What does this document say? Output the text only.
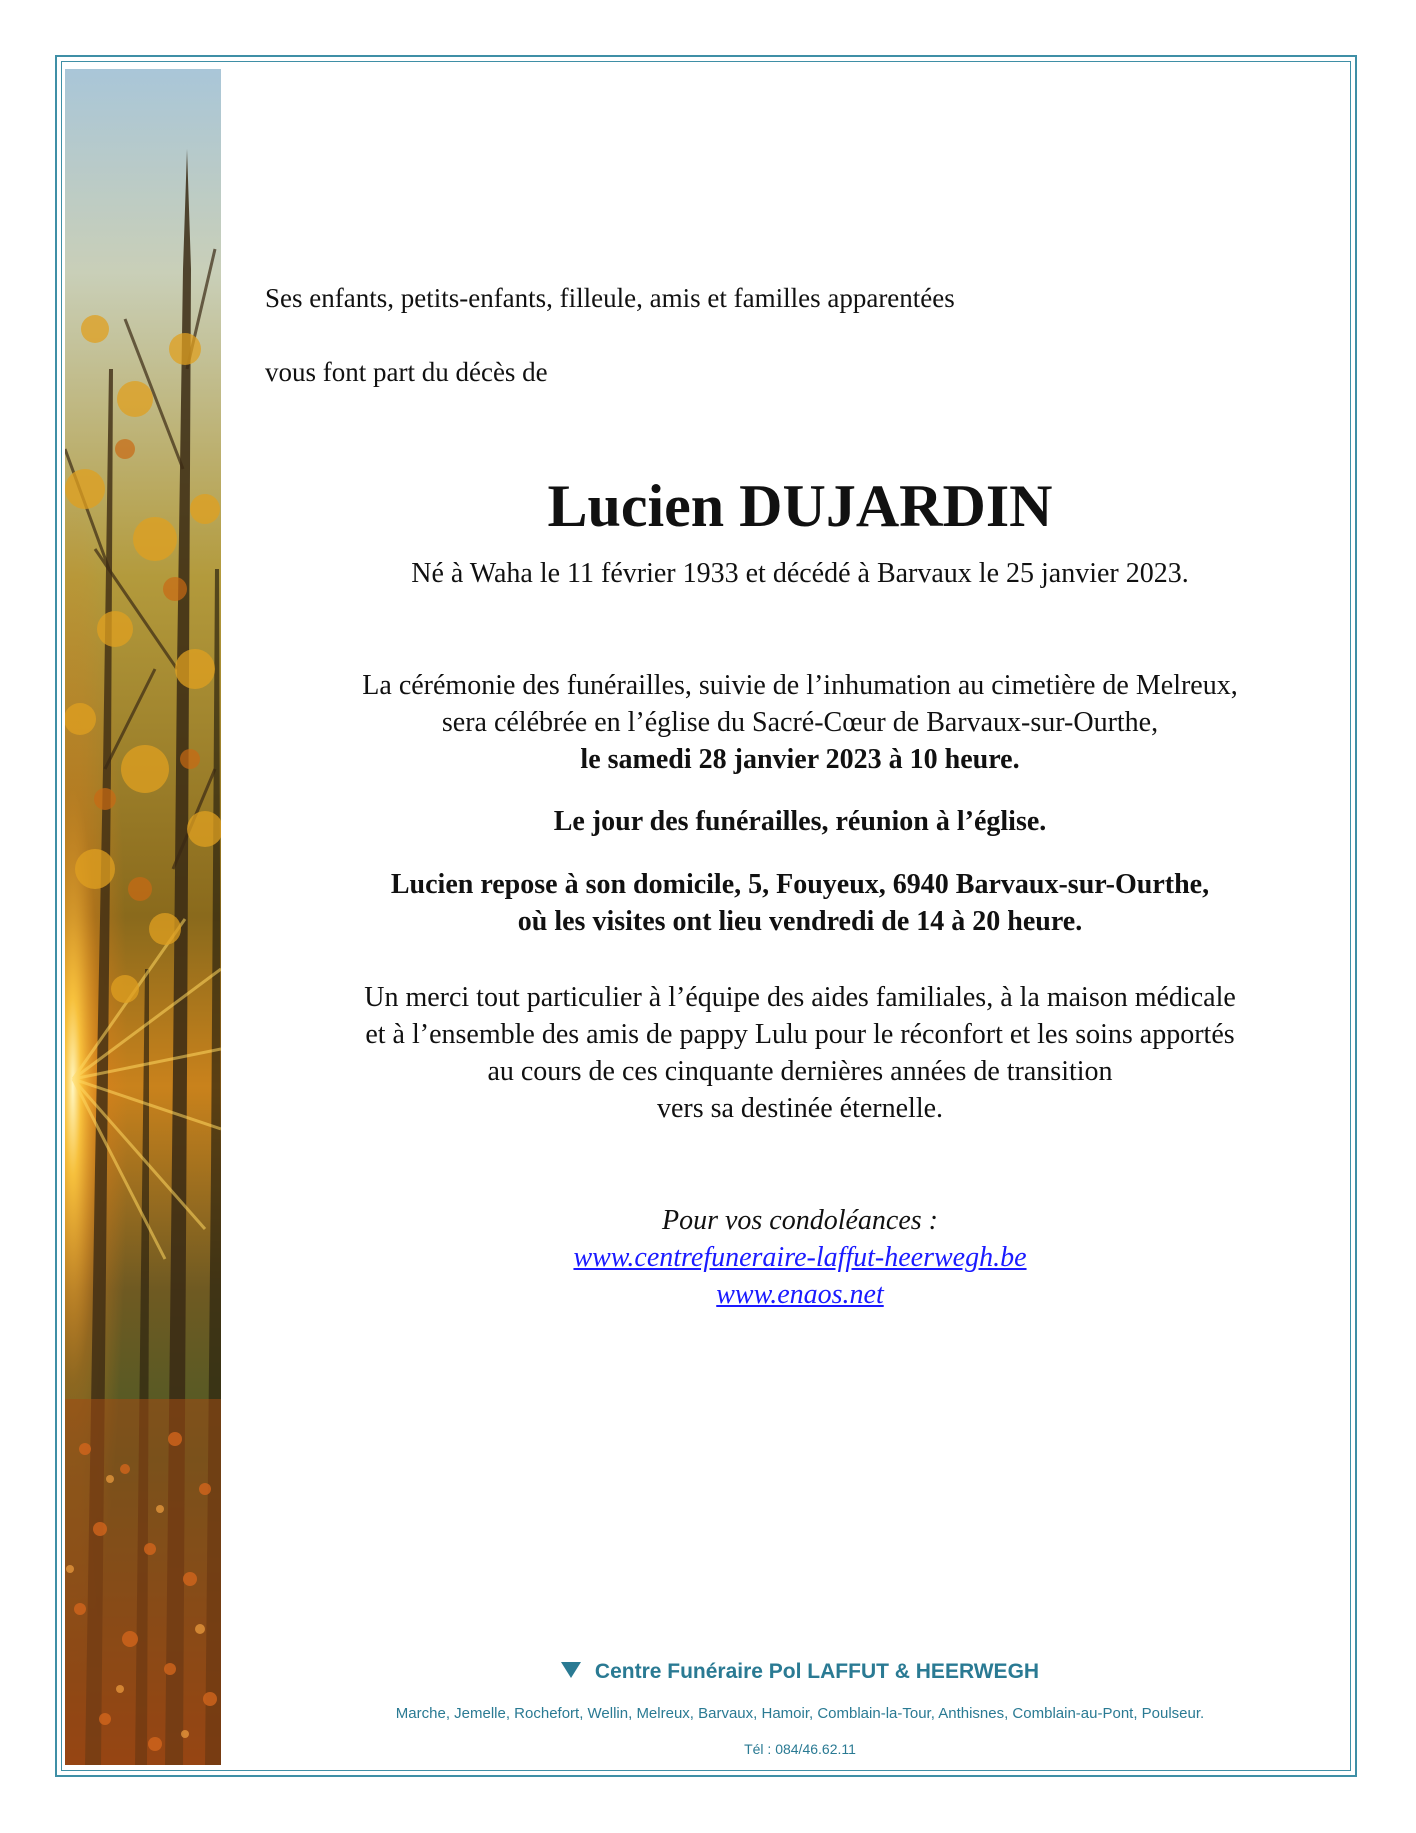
Ses enfants, petits-enfants, filleule, amis et familles apparentées
vous font part du décès de
Lucien DUJARDIN
Né à Waha le 11 février 1933 et décédé à Barvaux le 25 janvier 2023.
La cérémonie des funérailles, suivie de l’inhumation au cimetière de Melreux,
sera célébrée en l’église du Sacré-Cœur de Barvaux-sur-Ourthe,
le samedi 28 janvier 2023 à 10 heure.
Le jour des funérailles, réunion à l’église.
Lucien repose à son domicile, 5, Fouyeux, 6940 Barvaux-sur-Ourthe,
où les visites ont lieu vendredi de 14 à 20 heure.
Un merci tout particulier à l’équipe des aides familiales, à la maison médicale
et à l’ensemble des amis de pappy Lulu pour le réconfort et les soins apportés
au cours de ces cinquante dernières années de transition
vers sa destinée éternelle.
Pour vos condoléances :
www.centrefuneraire-laffut-heerwegh.be
www.enaos.net
Centre Funéraire Pol LAFFUT & HEERWEGH
Marche, Jemelle, Rochefort, Wellin, Melreux, Barvaux, Hamoir, Comblain-la-Tour, Anthisnes, Comblain-au-Pont, Poulseur.
Tél : 084/46.62.11
